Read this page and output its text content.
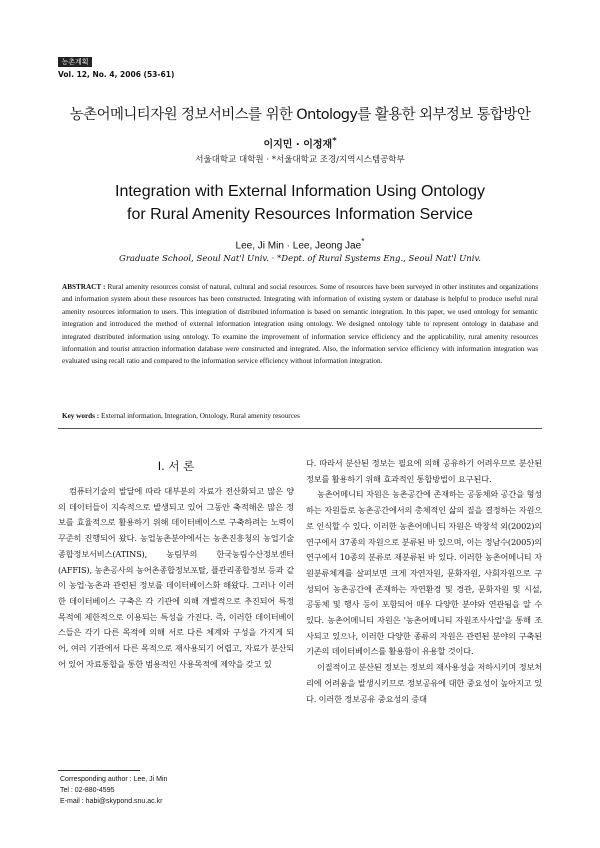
농촌계획
Vol. 12, No. 4, 2006 (53-61)
농촌어메니티자원 정보서비스를 위한 Ontology를 활용한 외부정보 통합방안
이지민 · 이정재*
서울대학교 대학원 · *서울대학교 조경/지역시스템공학부
Integration with External Information Using Ontology
for Rural Amenity Resources Information Service
Lee, Ji Min · Lee, Jeong Jae*
Graduate School, Seoul Nat'l Univ. · *Dept. of Rural Systems Eng., Seoul Nat'l Univ.
ABSTRACT : Rural amenity resources consist of natural, cultural and social resources. Some of resources have been surveyed in other institutes and organizations and information system about these resources has been constructed. Integrating with information of existing system or database is helpful to produce useful rural amenity resources information to users. This integration of distributed information is based on semantic integration. In this paper, we used ontology for semantic integration and introduced the method of external information integration using ontology. We designed ontology table to represent ontology in database and integrated distributed information using ontology. To examine the improvement of information service efficiency and the applicability, rural amenity resources information and tourist attraction information database were constructed and integrated. Also, the information service efficiency with information integration was evaluated using recall ratio and compared to the information service efficiency without information integration.
Key words : External information, Integration, Ontology, Rural amenity resources
I. 서 론

컴퓨터기술의 발달에 따라 대부분의 자료가 전산화되고 많은 양의 데이터들이 지속적으로 발생되고 있어 그동안 축적해온 많은 정보를 효율적으로 활용하기 위해 데이터베이스로 구축하려는 노력이 꾸준히 진행되어 왔다. 농업농촌분야에서는 농촌진흥청의 농업기술종합정보서비스(ATINS), 농림부의 한국농림수산정보센터(AFFIS), 농촌공사의 농어촌종합정보포탈, 플관리종합정보 등과 같이 농업·농촌과 관련된 정보를 데이터베이스화 해왔다. 그러나 이러한 데이터베이스 구축은 각 기관에 의해 개별적으로 추진되어 특정 목적에 제한적으로 이용되는 특성을 가진다. 즉, 이러한 데이터베이스들은 각기 다른 목적에 의해 서로 다른 체계와 구성을 가지게 되어, 여러 기관에서 다른 목적으로 재사용되기 어렵고, 자료가 분산되어 있어 자료통합을 통한 범용적인 사용목적에 제약을 갖고 있

다. 따라서 분산된 정보는 필요에 의해 공유하기 어려우므로 분산된 정보를 활용하기 위해 효과적인 통합방법이 요구된다.

농촌어메니티 자원은 농촌공간에 존재하는 공동체와 공간을 형성하는 자원들로 농촌공간에서의 총체적인 삶의 질을 결정하는 자원으로 인식할 수 있다. 이러한 농촌어메니티 자원은 박창석 외(2002)의 연구에서 37종의 자원으로 분류된 바 있으며, 이는 정남수(2005)의 연구에서 10종의 분류로 재분류된 바 있다. 이러한 농촌어메니티 자원분류체계를 살펴보면 크게 자연자원, 문화자원, 사회자원으로 구성되어 농촌공간에 존재하는 자연환경 및 경관, 문화자원 및 시설, 공동체 및 행사 등이 포함되어 매우 다양한 분야와 연관됨을 알 수 있다. 농촌어메니티 자원은 '농촌어메니티 자원조사사업'을 통해 조사되고 있으나, 이러한 다양한 종류의 자원은 관련된 분야의 구축된 기존의 데이터베이스를 활용함이 유용할 것이다.

이질적이고 분산된 정보는 정보의 재사용성을 저하시키며 정보처리에 어려움을 발생시키므로 정보공유에 대한 중요성이 높아지고 있다. 이러한 정보공유 중요성의 증대

Corresponding author : Lee, Ji Min
Tel : 02-880-4595
E-mail : habi@skypond.snu.ac.kr
